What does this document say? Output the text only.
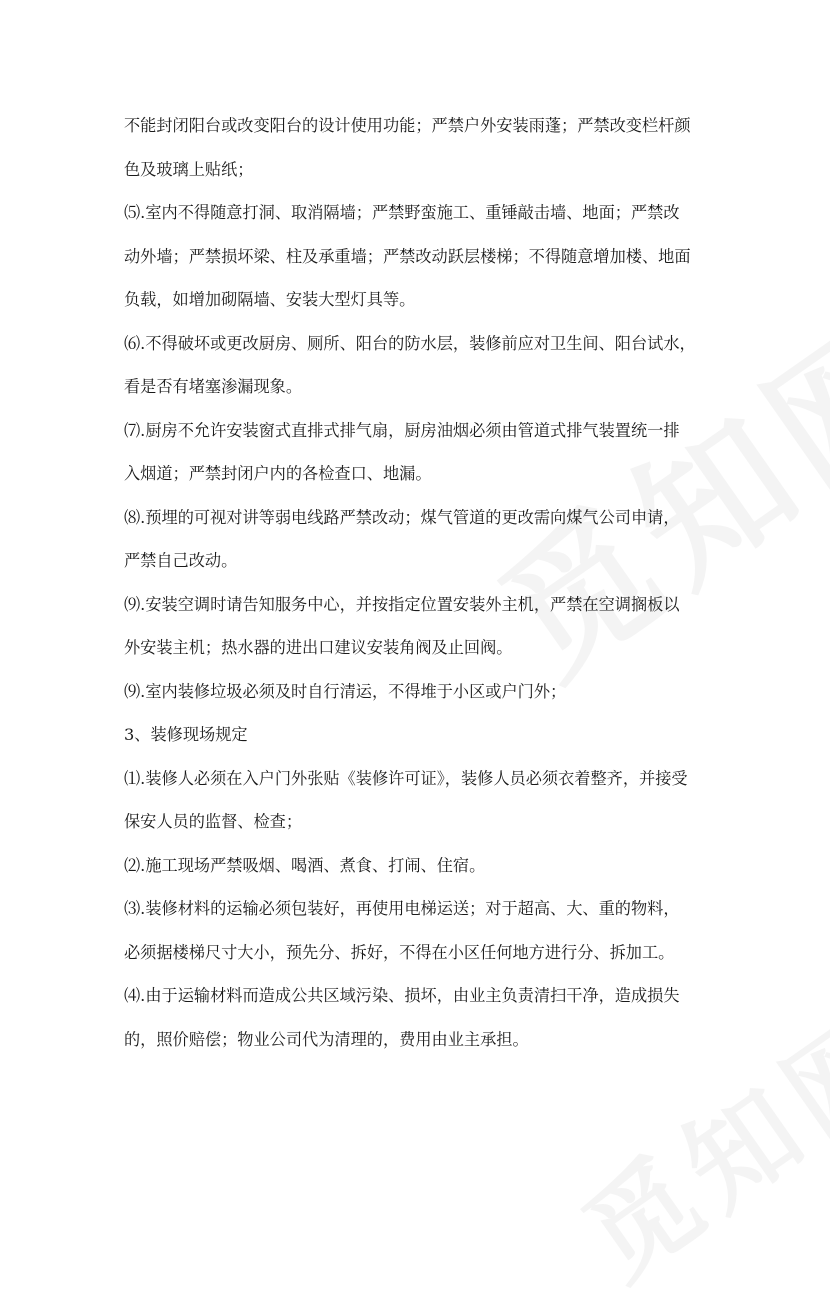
不能封闭阳台或改变阳台的设计使用功能；严禁户外安装雨蓬；严禁改变栏杆颜
色及玻璃上贴纸；
⑸.室内不得随意打洞、取消隔墙；严禁野蛮施工、重锤敲击墙、地面；严禁改
动外墙；严禁损坏梁、柱及承重墙；严禁改动跃层楼梯；不得随意增加楼、地面
负载，如增加砌隔墙、安装大型灯具等。
⑹.不得破坏或更改厨房、厕所、阳台的防水层，装修前应对卫生间、阳台试水，
看是否有堵塞渗漏现象。
⑺.厨房不允许安装窗式直排式排气扇，厨房油烟必须由管道式排气装置统一排
入烟道；严禁封闭户内的各检查口、地漏。
⑻.预埋的可视对讲等弱电线路严禁改动；煤气管道的更改需向煤气公司申请，
严禁自己改动。
⑼.安装空调时请告知服务中心，并按指定位置安装外主机，严禁在空调搁板以
外安装主机；热水器的进出口建议安装角阀及止回阀。
⑼.室内装修垃圾必须及时自行清运，不得堆于小区或户门外；
3、装修现场规定
⑴.装修人必须在入户门外张贴《装修许可证》，装修人员必须衣着整齐，并接受
保安人员的监督、检查；
⑵.施工现场严禁吸烟、喝酒、煮食、打闹、住宿。
⑶.装修材料的运输必须包装好，再使用电梯运送；对于超高、大、重的物料，
必须据楼梯尺寸大小，预先分、拆好，不得在小区任何地方进行分、拆加工。
⑷.由于运输材料而造成公共区域污染、损坏，由业主负责清扫干净，造成损失
的，照价赔偿；物业公司代为清理的，费用由业主承担。
